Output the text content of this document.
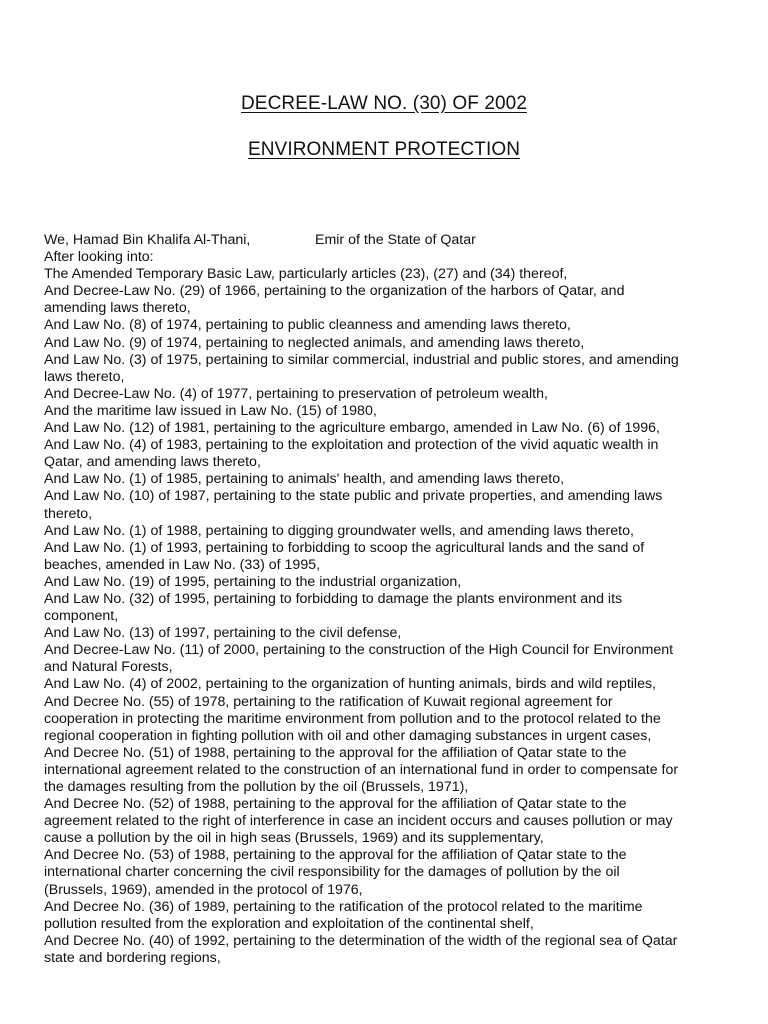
DECREE-LAW NO. (30) OF 2002
ENVIRONMENT PROTECTION
We, Hamad Bin Khalifa Al-Thani,	Emir of the State of Qatar
After looking into:
The Amended Temporary Basic Law, particularly articles (23), (27) and (34) thereof,
And Decree-Law No. (29) of 1966, pertaining to the organization of the harbors of Qatar, and
amending laws thereto,
And Law No. (8) of 1974, pertaining to public cleanness and amending laws thereto,
And Law No. (9) of 1974, pertaining to neglected animals, and amending laws thereto,
And Law No. (3) of 1975, pertaining to similar commercial, industrial and public stores, and amending
laws thereto,
And Decree-Law No. (4) of 1977, pertaining to preservation of petroleum wealth,
And the maritime law issued in Law No. (15) of 1980,
And Law No. (12) of 1981, pertaining to the agriculture embargo, amended in Law No. (6) of 1996,
And Law No. (4) of 1983, pertaining to the exploitation and protection of the vivid aquatic wealth in
Qatar, and amending laws thereto,
And Law No. (1) of 1985, pertaining to animals' health, and amending laws thereto,
And Law No. (10) of 1987, pertaining to the state public and private properties, and amending laws
thereto,
And Law No. (1) of 1988, pertaining to digging groundwater wells, and amending laws thereto,
And Law No. (1) of 1993, pertaining to forbidding to scoop the agricultural lands and the sand of
beaches, amended in Law No. (33) of 1995,
And Law No. (19) of 1995, pertaining to the industrial organization,
And Law No. (32) of 1995, pertaining to forbidding to damage the plants environment and its
component,
And Law No. (13) of 1997, pertaining to the civil defense,
And Decree-Law No. (11) of 2000, pertaining to the construction of the High Council for Environment
and Natural Forests,
And Law No. (4) of 2002, pertaining to the organization of hunting animals, birds and wild reptiles,
And Decree No. (55) of 1978, pertaining to the ratification of Kuwait regional agreement for
cooperation in protecting the maritime environment from pollution and to the protocol related to the
regional cooperation in fighting pollution with oil and other damaging substances in urgent cases,
And Decree No. (51) of 1988, pertaining to the approval for the affiliation of Qatar state to the
international agreement related to the construction of an international fund in order to compensate for
the damages resulting from the pollution by the oil (Brussels, 1971),
And Decree No. (52) of 1988, pertaining to the approval for the affiliation of Qatar state to the
agreement related to the right of interference in case an incident occurs and causes pollution or may
cause a pollution by the oil in high seas (Brussels, 1969) and its supplementary,
And Decree No. (53) of 1988, pertaining to the approval for the affiliation of Qatar state to the
international charter concerning the civil responsibility for the damages of pollution by the oil
(Brussels, 1969), amended in the protocol of 1976,
And Decree No. (36) of 1989, pertaining to the ratification of the protocol related to the maritime
pollution resulted from the exploration and exploitation of the continental shelf,
And Decree No. (40) of 1992, pertaining to the determination of the width of the regional sea of Qatar
state and bordering regions,
